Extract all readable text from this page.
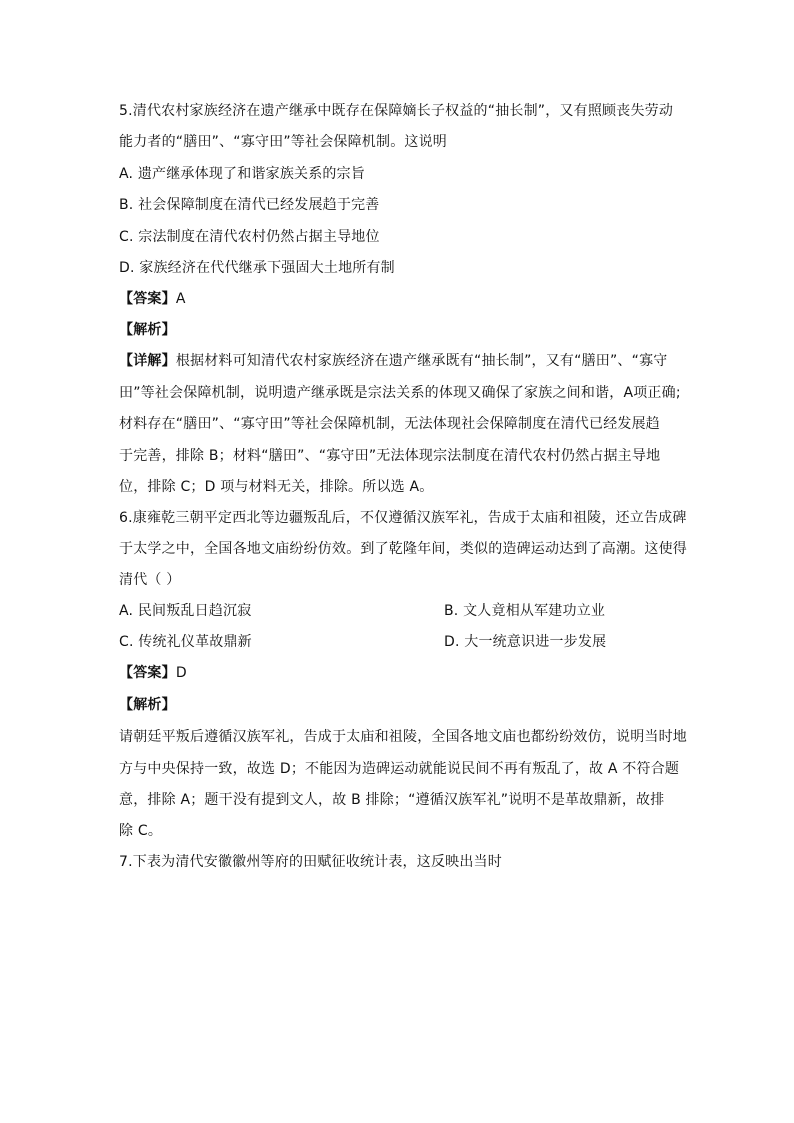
5.清代农村家族经济在遗产继承中既存在保障嫡长子权益的“抽长制”，又有照顾丧失劳动
能力者的“膳田”、“寡守田”等社会保障机制。这说明
A. 遗产继承体现了和谐家族关系的宗旨
B. 社会保障制度在清代已经发展趋于完善
C. 宗法制度在清代农村仍然占据主导地位
D. 家族经济在代代继承下强固大土地所有制
【答案】A
【解析】
【详解】根据材料可知清代农村家族经济在遗产继承既有“抽长制”，又有“膳田”、“寡守
田”等社会保障机制，说明遗产继承既是宗法关系的体现又确保了家族之间和谐，A项正确;
材料存在“膳田”、“寡守田”等社会保障机制，无法体现社会保障制度在清代已经发展趋
于完善，排除 B；材料“膳田”、“寡守田”无法体现宗法制度在清代农村仍然占据主导地
位，排除 C；D 项与材料无关，排除。所以选 A。
6.康雍乾三朝平定西北等边疆叛乱后，不仅遵循汉族军礼，告成于太庙和祖陵，还立告成碑
于太学之中，全国各地文庙纷纷仿效。到了乾隆年间，类似的造碑运动达到了高潮。这使得
清代（ ）
A. 民间叛乱日趋沉寂	B. 文人竟相从军建功立业
C. 传统礼仪革故鼎新	D. 大一统意识进一步发展
【答案】D
【解析】
请朝廷平叛后遵循汉族军礼，告成于太庙和祖陵，全国各地文庙也都纷纷效仿，说明当时地
方与中央保持一致，故选 D；不能因为造碑运动就能说民间不再有叛乱了，故 A 不符合题
意，排除 A；题干没有提到文人，故 B 排除；“遵循汉族军礼”说明不是革故鼎新，故排
除 C。
7.下表为清代安徽徽州等府的田赋征收统计表，这反映出当时
